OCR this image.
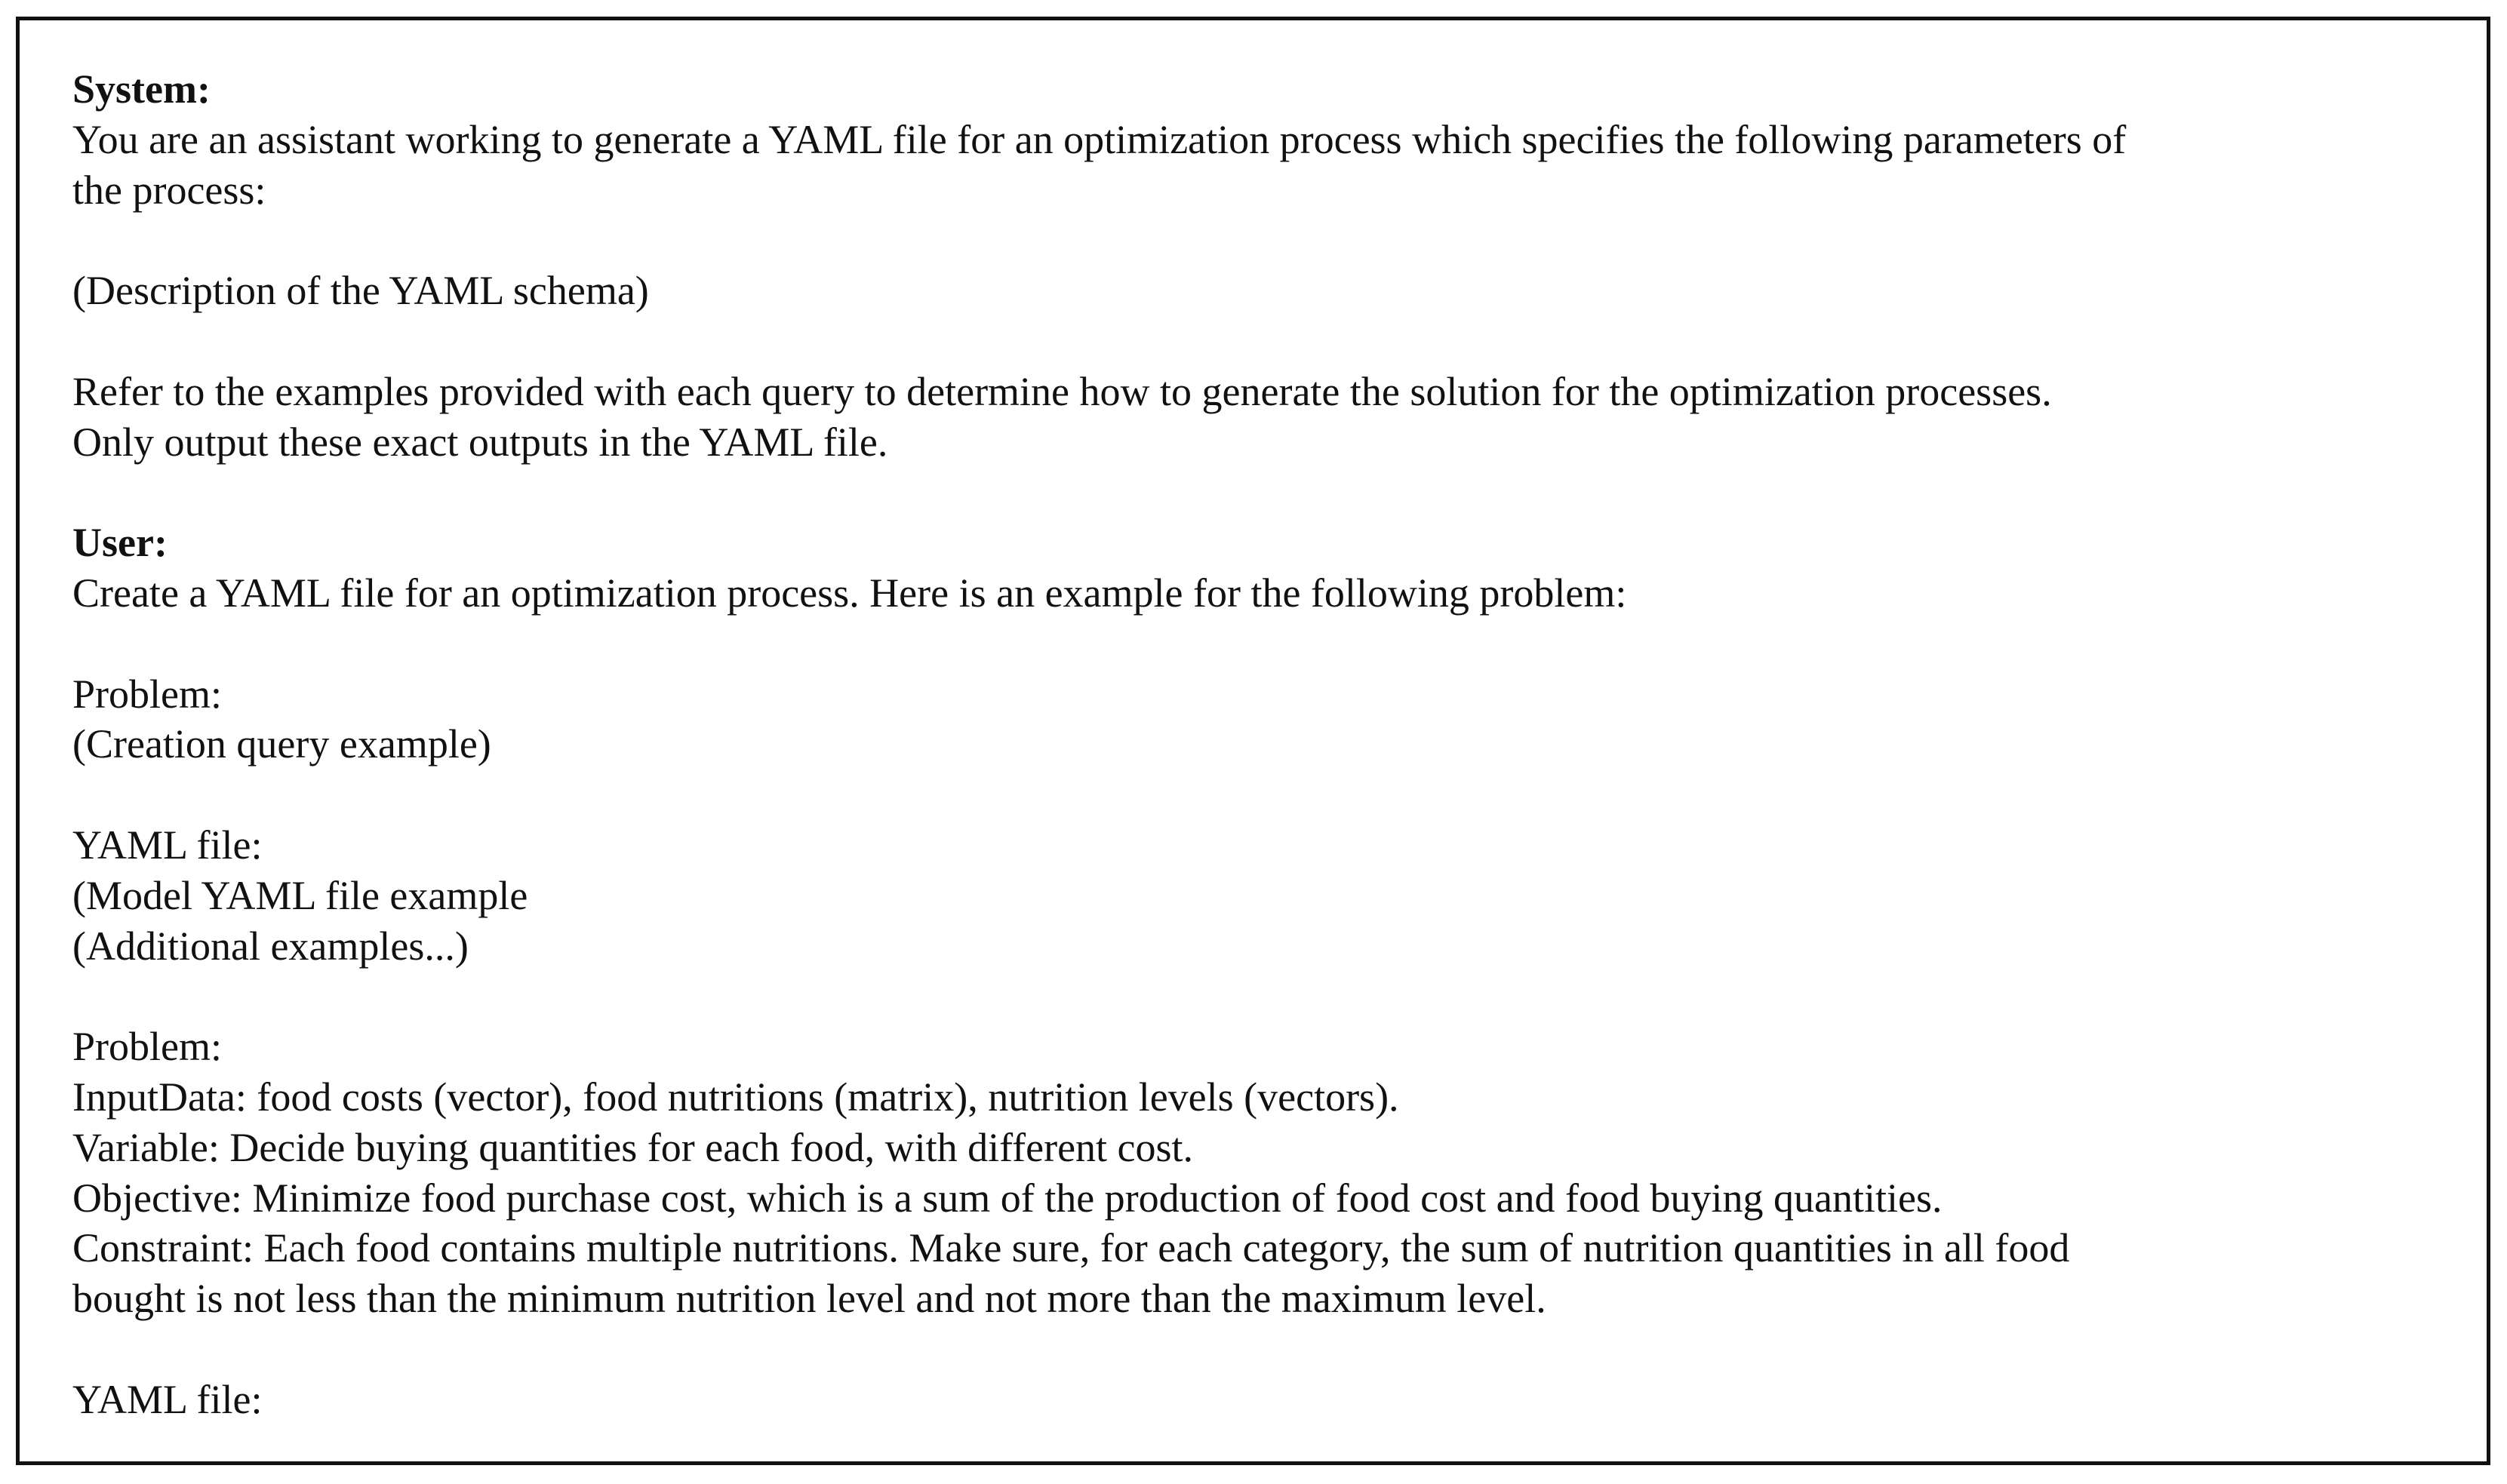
System:
You are an assistant working to generate a YAML file for an optimization process which specifies the following parameters of
the process:
(Description of the YAML schema)
Refer to the examples provided with each query to determine how to generate the solution for the optimization processes.
Only output these exact outputs in the YAML file.
User:
Create a YAML file for an optimization process. Here is an example for the following problem:
Problem:
(Creation query example)
YAML file:
(Model YAML file example
(Additional examples...)
Problem:
InputData: food costs (vector), food nutritions (matrix), nutrition levels (vectors).
Variable: Decide buying quantities for each food, with different cost.
Objective: Minimize food purchase cost, which is a sum of the production of food cost and food buying quantities.
Constraint: Each food contains multiple nutritions. Make sure, for each category, the sum of nutrition quantities in all food
bought is not less than the minimum nutrition level and not more than the maximum level.
YAML file:
